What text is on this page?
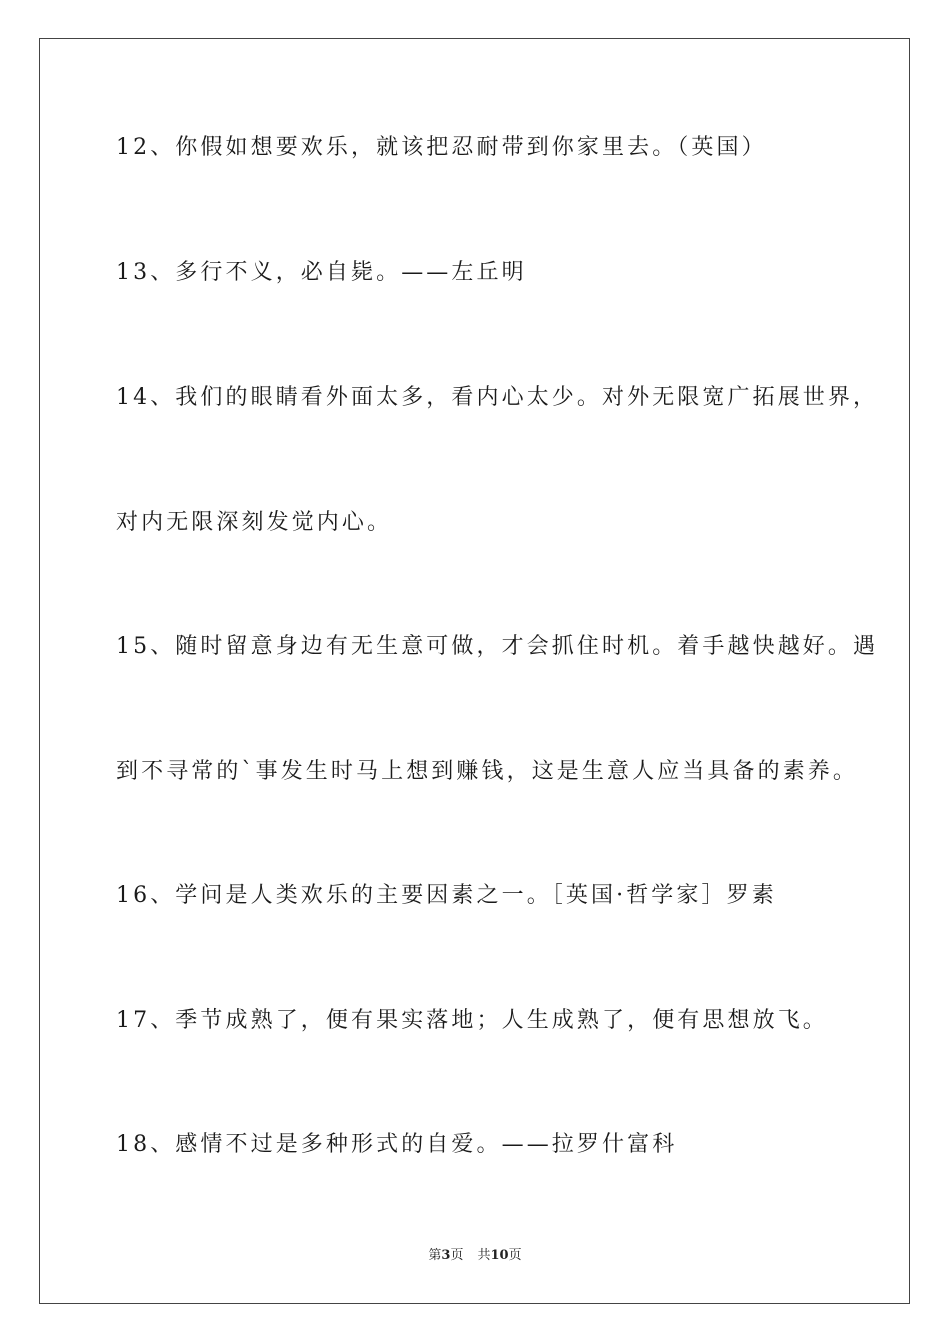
12、你假如想要欢乐，就该把忍耐带到你家里去。（英国）
13、多行不义，必自毙。——左丘明
14、我们的眼睛看外面太多，看内心太少。对外无限宽广拓展世界，
对内无限深刻发觉内心。
15、随时留意身边有无生意可做，才会抓住时机。着手越快越好。遇
到不寻常的`事发生时马上想到赚钱，这是生意人应当具备的素养。
16、学问是人类欢乐的主要因素之一。［英国·哲学家］罗素
17、季节成熟了，便有果实落地；人生成熟了，便有思想放飞。
18、感情不过是多种形式的自爱。——拉罗什富科
第3页 共10页
